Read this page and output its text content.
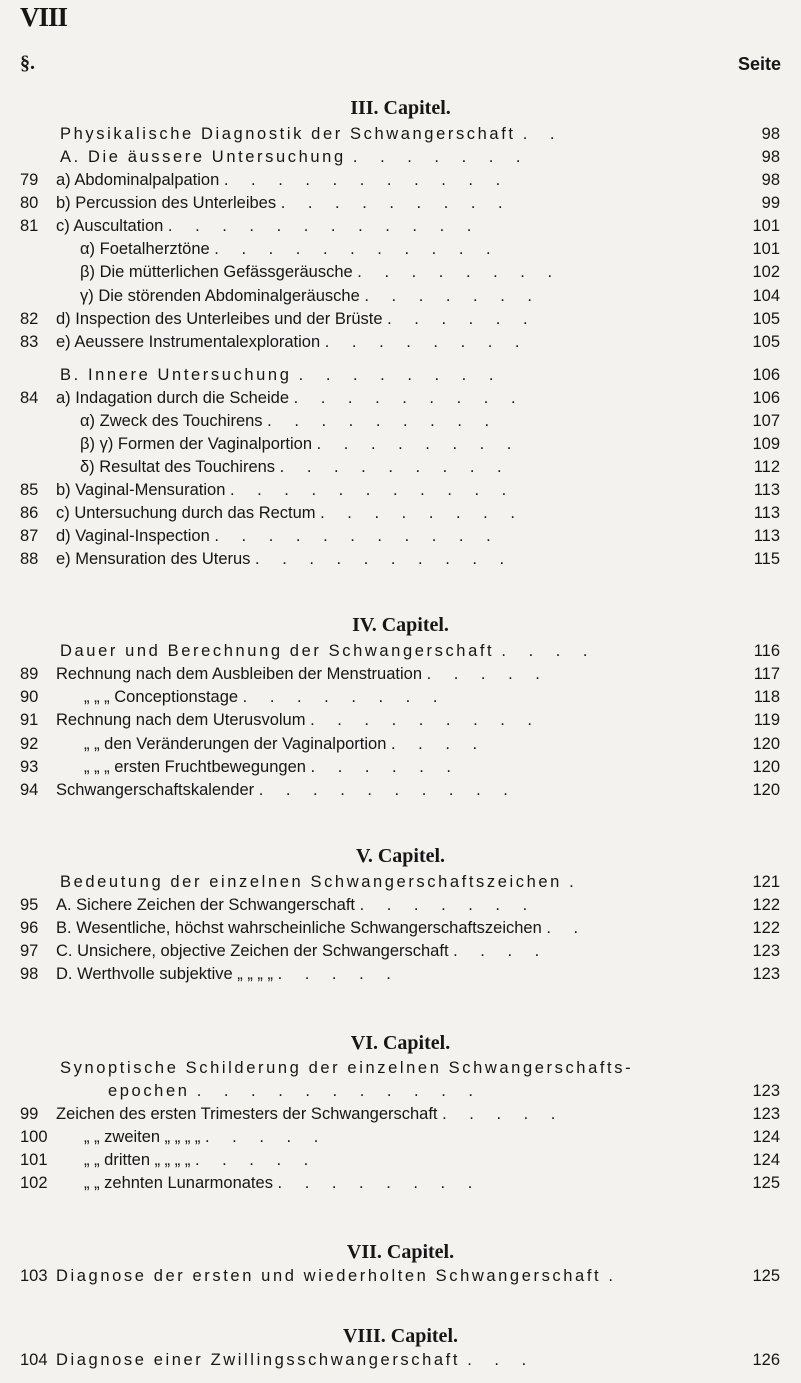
VIII
§.	Seite
III. Capitel.
Physikalische Diagnostik der Schwangerschaft . .	98
A. Die äussere Untersuchung . . . . . . .	98
79 a) Abdominalpalpation . . . . . . . . . . .	98
80 b) Percussion des Unterleibes . . . . . . . . .	99
81 c) Auscultation . . . . . . . . . . . .	101
α) Foetalherztöne . . . . . . . . . . .	101
β) Die mütterlichen Gefässgeräusche . . . . . . . .	102
γ) Die störenden Abdominalgeräusche . . . . . . .	104
82 d) Inspection des Unterleibes und der Brüste . . . . . .	105
83 e) Aeussere Instrumentalexploration . . . . . . . .	105
B. Innere Untersuchung . . . . . . . .	106
84 a) Indagation durch die Scheide . . . . . . . . .	106
α) Zweck des Touchirens . . . . . . . . .	107
β) γ) Formen der Vaginalportion . . . . . . . .	109
δ) Resultat des Touchirens . . . . . . . . .	112
85 b) Vaginal-Mensuration . . . . . . . . . . .	113
86 c) Untersuchung durch das Rectum . . . . . . . .	113
87 d) Vaginal-Inspection . . . . . . . . . . .	113
88 e) Mensuration des Uterus . . . . . . . . . .	115
IV. Capitel.
Dauer und Berechnung der Schwangerschaft . . . .	116
89 Rechnung nach dem Ausbleiben der Menstruation . . . . .	117
90	„ „ „ Conceptionstage . . . . . . . .	118
91 Rechnung nach dem Uterusvolum . . . . . . . . .	119
92	„ „ den Veränderungen der Vaginalportion . . . .	120
93	„ „ „ ersten Fruchtbewegungen . . . . . .	120
94 Schwangerschaftskalender . . . . . . . . . .	120
V. Capitel.
Bedeutung der einzelnen Schwangerschaftszeichen .	121
95 A. Sichere Zeichen der Schwangerschaft . . . . . . .	122
96 B. Wesentliche, höchst wahrscheinliche Schwangerschaftszeichen . .	122
97 C. Unsichere, objective Zeichen der Schwangerschaft . . . .	123
98 D. Werthvolle subjektive „ „ „ „ . . . . .	123
VI. Capitel.
Synoptische Schilderung der einzelnen Schwangerschafts-
epochen . . . . . . . . . . .	123
99 Zeichen des ersten Trimesters der Schwangerschaft . . . . .	123
100 „ „ zweiten „ „ „ „ . . . . .	124
101 „ „ dritten „ „ „ „ . . . . .	124
102 „ „ zehnten Lunarmonates . . . . . . . .	125
VII. Capitel.
103 Diagnose der ersten und wiederholten Schwangerschaft .	125
VIII. Capitel.
104 Diagnose einer Zwillingsschwangerschaft . . .	126
